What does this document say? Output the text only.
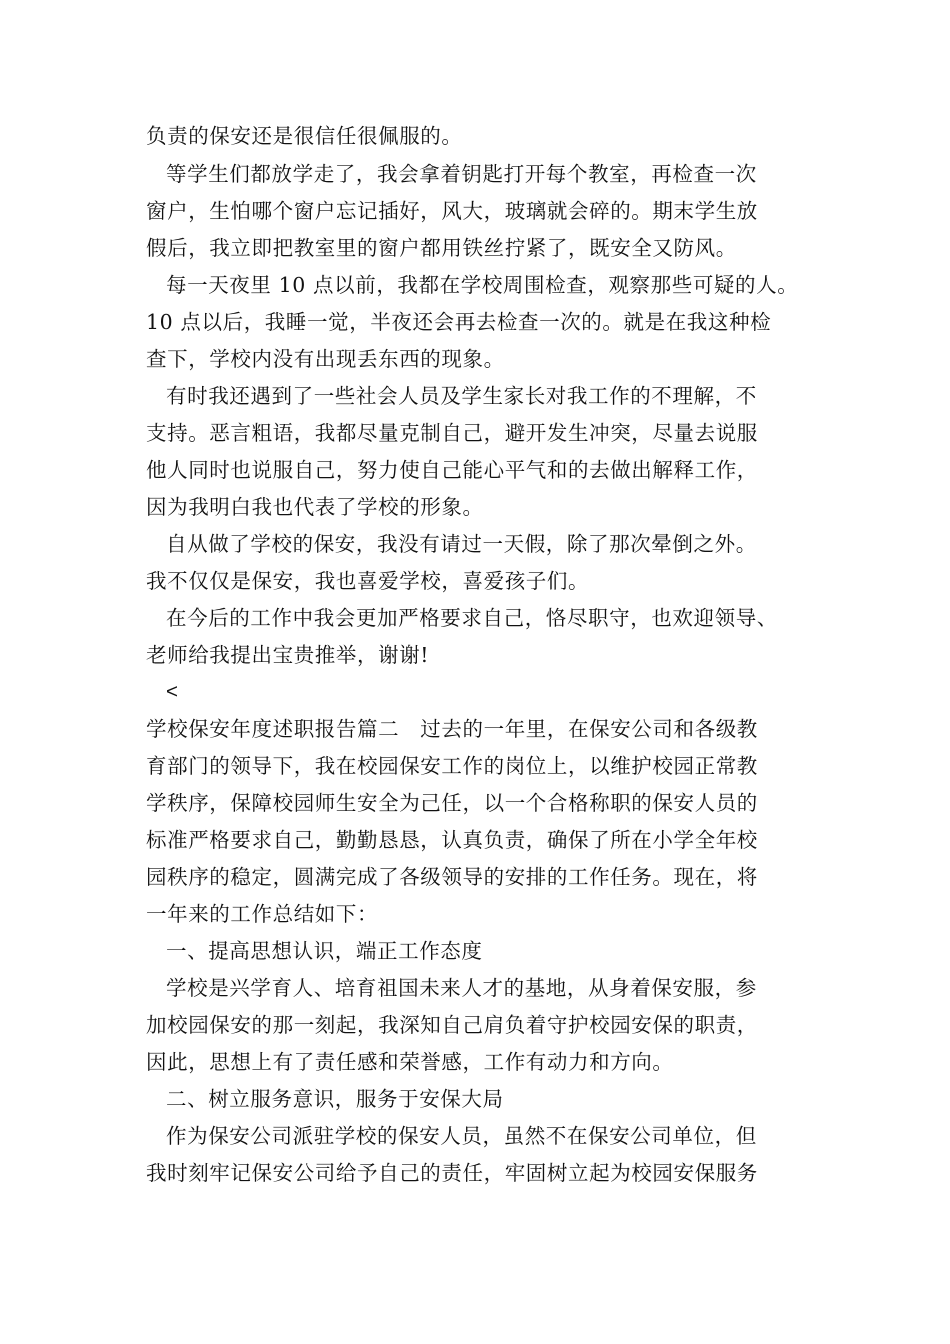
负责的保安还是很信任很佩服的。
等学生们都放学走了，我会拿着钥匙打开每个教室，再检查一次
窗户，生怕哪个窗户忘记插好，风大，玻璃就会碎的。期末学生放
假后，我立即把教室里的窗户都用铁丝拧紧了，既安全又防风。
每一天夜里 10 点以前，我都在学校周围检查，观察那些可疑的人。
10 点以后，我睡一觉，半夜还会再去检查一次的。就是在我这种检
查下，学校内没有出现丢东西的现象。
有时我还遇到了一些社会人员及学生家长对我工作的不理解，不
支持。恶言粗语，我都尽量克制自己，避开发生冲突，尽量去说服
他人同时也说服自己，努力使自己能心平气和的去做出解释工作，
因为我明白我也代表了学校的形象。
自从做了学校的保安，我没有请过一天假，除了那次晕倒之外。
我不仅仅是保安，我也喜爱学校，喜爱孩子们。
在今后的工作中我会更加严格要求自己，恪尽职守，也欢迎领导、
老师给我提出宝贵推举，谢谢!
<
学校保安年度述职报告篇二　过去的一年里，在保安公司和各级教
育部门的领导下，我在校园保安工作的岗位上，以维护校园正常教
学秩序，保障校园师生安全为己任，以一个合格称职的保安人员的
标准严格要求自己，勤勤恳恳，认真负责，确保了所在小学全年校
园秩序的稳定，圆满完成了各级领导的安排的工作任务。现在，将
一年来的工作总结如下：
一、提高思想认识，端正工作态度
学校是兴学育人、培育祖国未来人才的基地，从身着保安服，参
加校园保安的那一刻起，我深知自己肩负着守护校园安保的职责，
因此，思想上有了责任感和荣誉感，工作有动力和方向。
二、树立服务意识，服务于安保大局
作为保安公司派驻学校的保安人员，虽然不在保安公司单位，但
我时刻牢记保安公司给予自己的责任，牢固树立起为校园安保服务
